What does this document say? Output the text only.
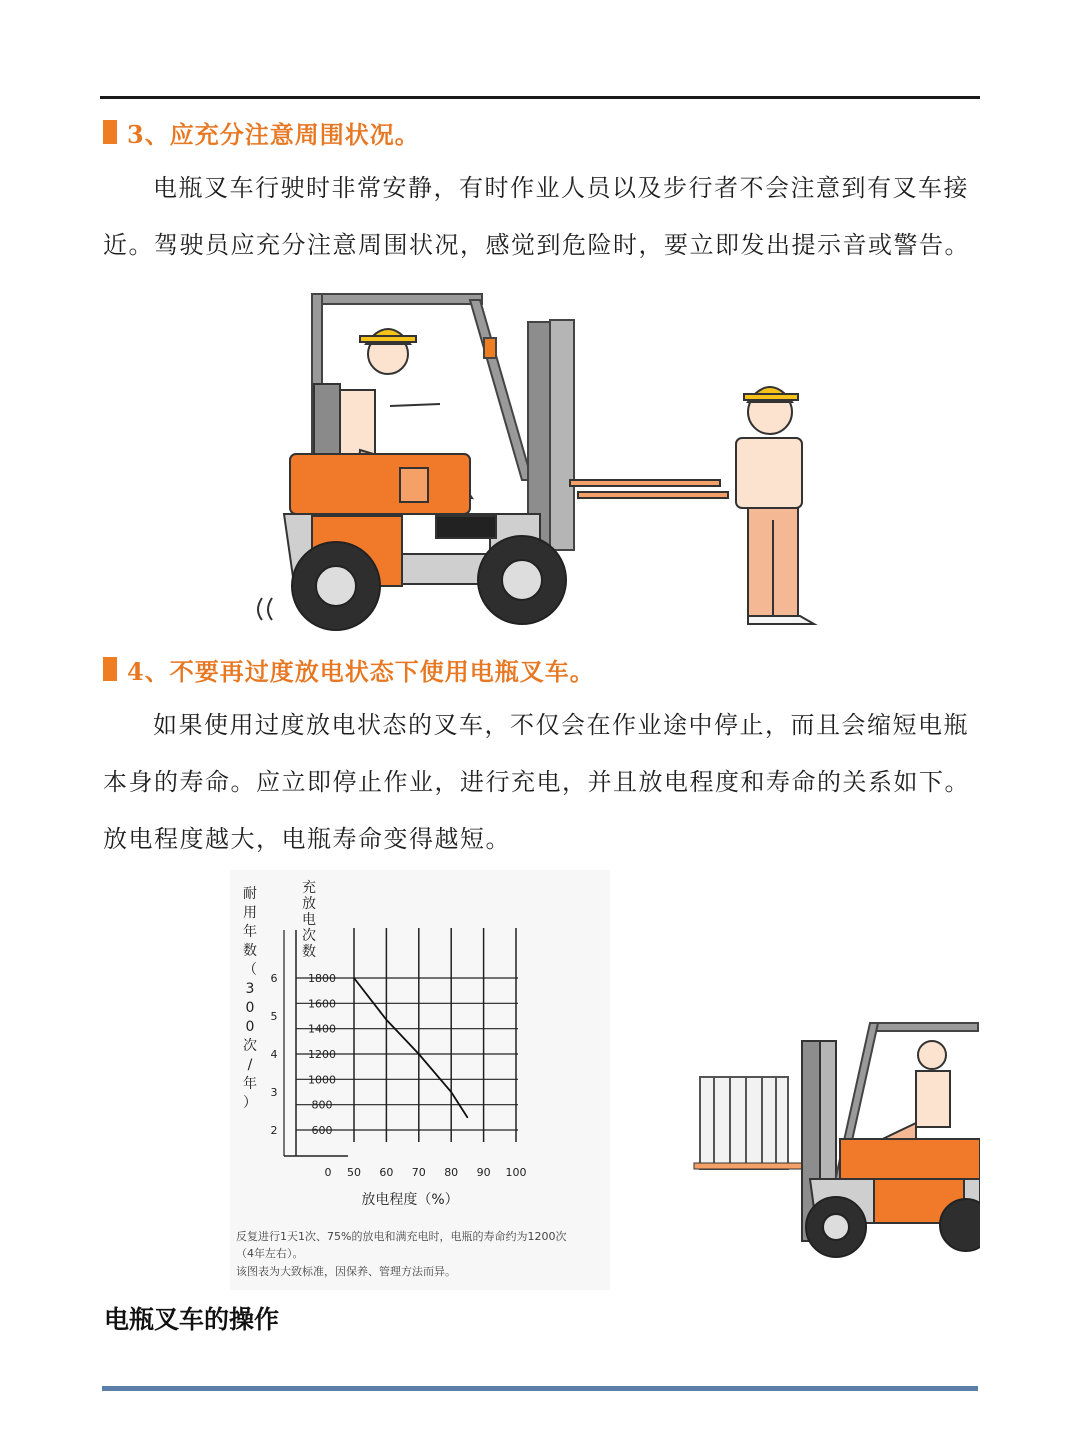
3、应充分注意周围状况。

电瓶叉车行驶时非常安静，有时作业人员以及步行者不会注意到有叉车接近。驾驶员应充分注意周围状况，感觉到危险时，要立即发出提示音或警告。

4、不要再过度放电状态下使用电瓶叉车。

如果使用过度放电状态的叉车，不仅会在作业途中停止，而且会缩短电瓶本身的寿命。应立即停止作业，进行充电，并且放电程度和寿命的关系如下。放电程度越大，电瓶寿命变得越短。

600
800
1000
1200
1400
1600
1800
2
3
4
5
6
0 50 60 70 80 90 100
充
放
电
次
数
耐
用
年
数
（
3
0
0
次
/
年
）
放电程度（%）
反复进行1天1次、75%的放电和满充电时，电瓶的寿命约为1200次
（4年左右）。
该图表为大致标准，因保养、管理方法而异。
电瓶叉车的操作
